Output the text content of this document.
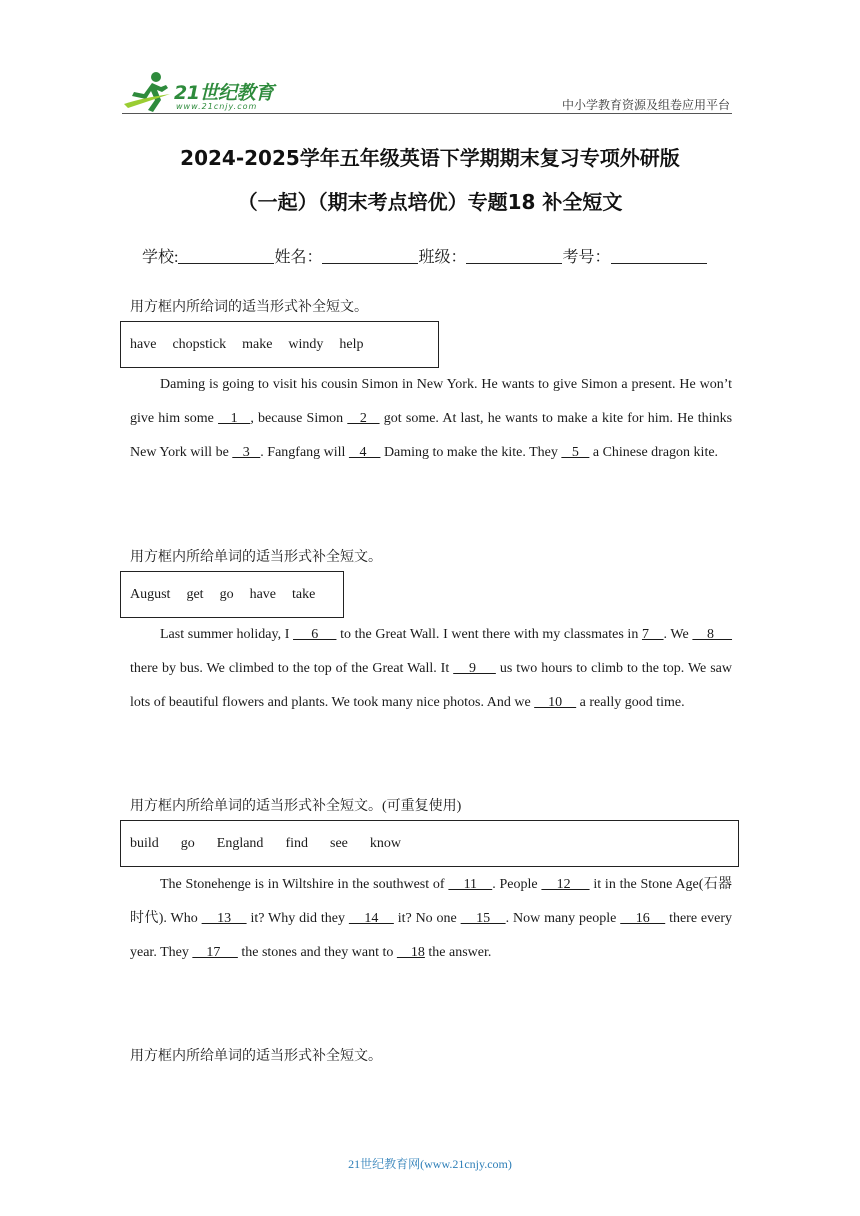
21世纪教育
www.21cnjy.com	中小学教育资源及组卷应用平台
2024-2025学年五年级英语下学期期末复习专项外研版
（一起）（期末考点培优）专题18 补全短文
学校:	姓名：	班级：	考号：
用方框内所给词的适当形式补全短文。
have chopstick make windy help

Daming is going to visit his cousin Simon in New York. He wants to give Simon a present. He won’t give him some    1   , because Simon    2    got some. At last, he wants to make a kite for him. He thinks New York will be    3   . Fangfang will    4     Daming to make the kite. They    5    a Chinese dragon kite.

用方框内所给单词的适当形式补全短文。
August get go have take

Last summer holiday, I      6      to the Great Wall. I went there with my classmates in 7    . We     8      there by bus. We climbed to the top of the Great Wall. It     9      us two hours to climb to the top. We saw lots of beautiful flowers and plants. We took many nice photos. And we     10     a really good time.

用方框内所给单词的适当形式补全短文。(可重复使用)
build go England find see know

The Stonehenge is in Wiltshire in the southwest of     11    . People     12      it in the Stone Age(石器时代). Who     13     it? Why did they     14     it? No one     15    . Now many people     16     there every year. They     17      the stones and they want to     18 the answer.

用方框内所给单词的适当形式补全短文。
21世纪教育网(www.21cnjy.com)
